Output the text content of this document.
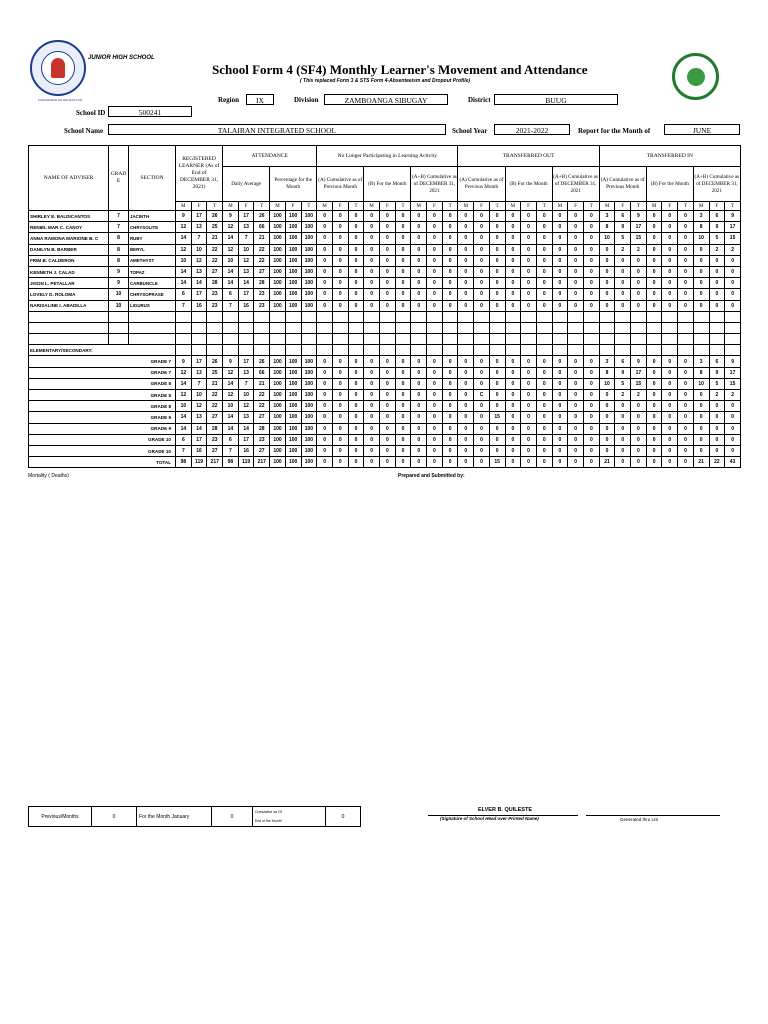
KAGAWARAN NG EDUKASYON
JUNIOR HIGH SCHOOL
School Form 4 (SF4) Monthly Learner's Movement and Attendance
( This replaced Form 3 & STS Form 4-Absenteeism and Dropout Profile)
Region	IX	Division	ZAMBOANGA SIBUGAY	District	BUUG
School ID	500241
School Name	TALAIRAN INTEGRATED SCHOOL	School Year	2021-2022	Report for the Month of	JUNE
NAME OF ADVISER	GRAD E	SECTION	REGISTERED LEARNER (As of End of DECEMBER 31, 2021)			ATTENDANCE						No Longer Participating in Learning Activity									TRANSFERRED OUT									TRANSFERRED IN								
						Daily Average			Percentage for the Month			(A) Cumulative as of Previous Month			(B) For the Month			(A+B) Cumulative as of DECEMBER 31, 2021			(A) Cumulative as of Previous Month			(B) For the Month			(A+B) Cumulative as of DECEMBER 31, 2021			(A) Cumulative as of Previous Month			(B) For the Month			(A+B) Cumulative as of DECEMBER 31, 2021		
			M	F	T	M	F	T	M	F	T	M	F	T	M	F	T	M	F	T	M	F	T	M	F	T	M	F	T	M	F	T	M	F	T	M	F	T
SHIRLEY E. BALDICANTOS	7	JACINTH	9	17	26	9	17	26	100	100	100	0	0	0	0	0	0	0	0	0	0	0	0	0	0	0	0	0	0	3	6	9	0	0	0	3	6	9
RENIEL MAR C. CANOY	7	CHRYSOLITE	12	13	25	12	13	66	100	100	100	0	0	0	0	0	0	0	0	0	0	0	0	0	0	0	0	0	0	8	9	17	0	0	0	8	9	17
ANNA RAMONA MARIONE B. C	8	RUBY	14	7	21	14	7	21	100	100	100	0	0	0	0	0	0	0	0	0	0	0	0	0	0	0	0	0	0	10	5	15	0	0	0	10	5	15
DANILYN B. BARBER	8	BERYL	12	10	22	12	10	22	100	100	100	0	0	0	0	0	0	0	0	0	0	0	0	0	0	0	0	0	0	0	2	2	0	0	0	0	2	2
FRIM B. CALDERON	8	AMETHYST	10	12	22	10	12	22	100	100	100	0	0	0	0	0	0	0	0	0	0	0	0	0	0	0	0	0	0	0	0	0	0	0	0	0	0	0
KENNETH J. CALAD	9	TOPAZ	14	13	27	14	13	27	100	100	100	0	0	0	0	0	0	0	0	0	0	0	0	0	0	0	0	0	0	0	0	0	0	0	0	0	0	0
JISON L. PETALLAR	9	CARBUNCLE	14	14	28	14	14	28	100	100	100	0	0	0	0	0	0	0	0	0	0	0	0	0	0	0	0	0	0	0	0	0	0	0	0	0	0	0
LOVELY D. ROLOMA	10	CHRYSOPRASE	6	17	23	6	17	23	100	100	100	0	0	0	0	0	0	0	0	0	0	0	0	0	0	0	0	0	0	0	0	0	0	0	0	0	0	0
NARISALINE I. ABADILLA	10	LIGURUS	7	16	23	7	16	23	100	100	100	0	0	0	0	0	0	0	0	0	0	0	0	0	0	0	0	0	0	0	0	0	0	0	0	0	0	0

ELEMENTARY/SECONDARY:																																						
GRADE 7			9	17	26	9	17	26	100	100	100	0	0	0	0	0	0	0	0	0	0	0	0	0	0	0	0	0	0	3	6	9	0	0	0	3	6	9
GRADE 7			12	13	25	12	13	66	100	100	100	0	0	0	0	0	0	0	0	0	0	0	0	0	0	0	0	0	0	8	9	17	0	0	0	8	9	17
GRADE 8			14	7	21	14	7	21	100	100	100	0	0	0	0	0	0	0	0	0	0	0	0	0	0	0	0	0	0	10	5	15	0	0	0	10	5	15
GRADE 8			12	10	22	12	10	22	100	100	100	0	0	0	0	0	0	0	0	0	0	C	0	0	0	0	0	0	0	0	2	2	0	0	0	0	2	2
GRADE 8			10	12	22	10	12	22	100	100	100	0	0	0	0	0	0	0	0	0	0	0	0	0	0	0	0	0	0	0	0	0	0	0	0	0	0	0
GRADE 9			14	13	27	14	13	27	100	100	100	0	0	0	0	0	0	0	0	0	0	0	15	0	0	0	0	0	0	0	0	0	0	0	0	0	0	0
GRADE 9			14	14	28	14	14	28	100	100	100	0	0	0	0	0	0	0	0	0	0	0	0	0	0	0	0	0	0	0	0	0	0	0	0	0	0	0
GRADE 10			6	17	23	6	17	23	100	100	100	0	0	0	0	0	0	0	0	0	0	0	0	0	0	0	0	0	0	0	0	0	0	0	0	0	0	0
GRADE 10			7	16	27	7	16	27	100	100	100	0	0	0	0	0	0	0	0	0	0	0	0	0	0	0	0	0	0	0	0	0	0	0	0	0	0	0
TOTAL			98	119	217	98	119	217	100	100	100	0	0	0	0	0	0	0	0	0	0	0	15	0	0	0	0	0	0	21	0	0	0	0	0	21	22	43
Mortality ( Deaths)	Prepared and Submitted by:
Previous/Months	0	For the Month January	0	
Cumulative as Of
End of the Month
	0
ELVER B. QUILESTE
(Signature of School Head over Printed Name)	Generated thru LIS
